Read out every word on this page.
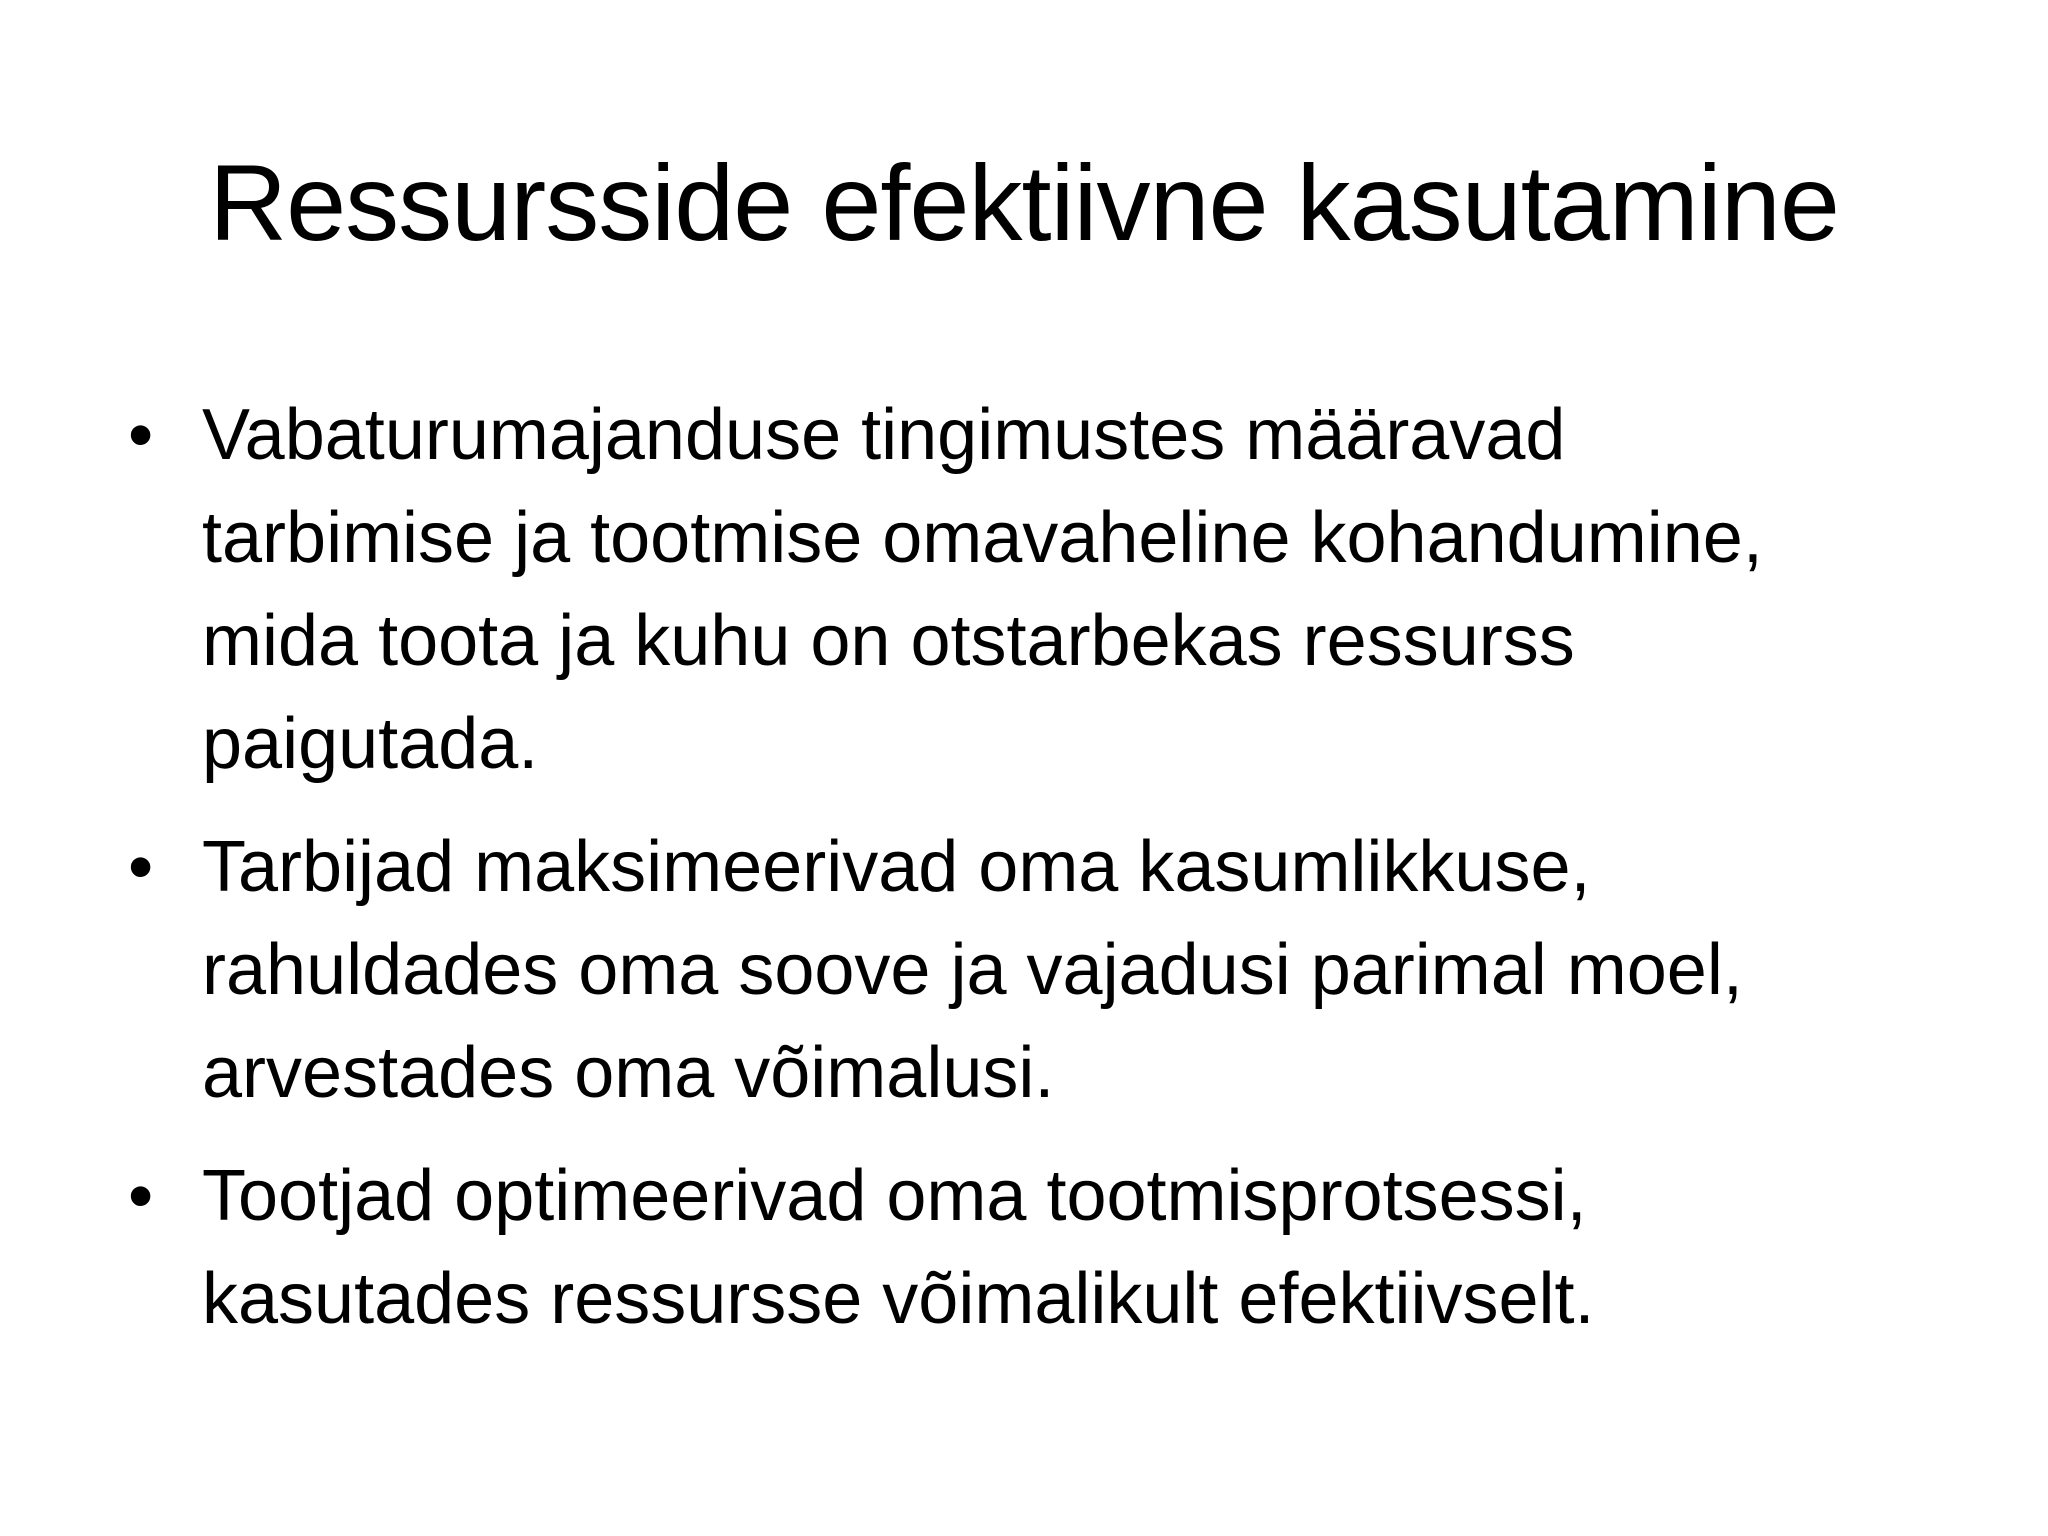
Ressursside efektiivne kasutamine
• Vabaturumajanduse tingimustes määravad
tarbimise ja tootmise omavaheline kohandumine,
mida toota ja kuhu on otstarbekas ressurss
paigutada.
• Tarbijad maksimeerivad oma kasumlikkuse,
rahuldades oma soove ja vajadusi parimal moel,
arvestades oma võimalusi.
• Tootjad optimeerivad oma tootmisprotsessi,
kasutades ressursse võimalikult efektiivselt.
